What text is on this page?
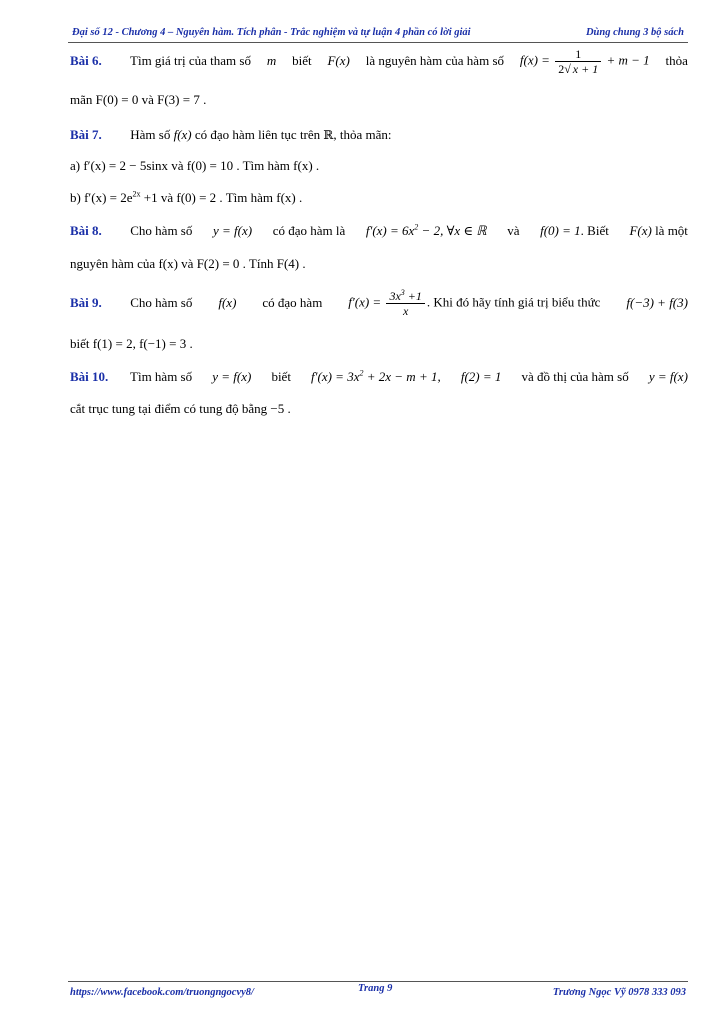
Đại số 12 - Chương 4 – Nguyên hàm. Tích phân - Trắc nghiệm và tự luận 4 phần có lời giải	Dùng chung 3 bộ sách
Bài 6. Tìm giá trị của tham số m biết F(x) là nguyên hàm của hàm số $f(x) = \frac{1}{2√ x + 1} + m - 1$ thỏa
mãn F(0) = 0 và F(3) = 7 .
Bài 7. Hàm số f(x) có đạo hàm liên tục trên ℝ, thỏa mãn:
a) f′(x) = 2 − 5sinx và f(0) = 10 . Tìm hàm f(x) .
b) $f'(x) = 2e^{2x} +1$ và f(0) = 2 . Tìm hàm f(x) .
Bài 8. Cho hàm số y = f(x) có đạo hàm là $f'(x) = 6x^2 - 2$, ∀x ∈ ℝ và f(0) = 1. Biết F(x) là một
nguyên hàm của f(x) và F(2) = 0 . Tính F(4) .
Bài 9. Cho hàm số f(x) có đạo hàm $f'(x) = \frac{3x^3 +1}{x}$ . Khi đó hãy tính giá trị biểu thức f(−3) + f(3)
biết f(1) = 2, f(−1) = 3 .
Bài 10. Tìm hàm số y = f(x) biết $f'(x) = 3x^2 + 2x - m + 1$, f(2) = 1 và đồ thị của hàm số y = f(x)
cắt trục tung tại điểm có tung độ bằng −5 .
https://www.facebook.com/truongngocvy8/	Trang 9	Trương Ngọc Vỹ 0978 333 093
